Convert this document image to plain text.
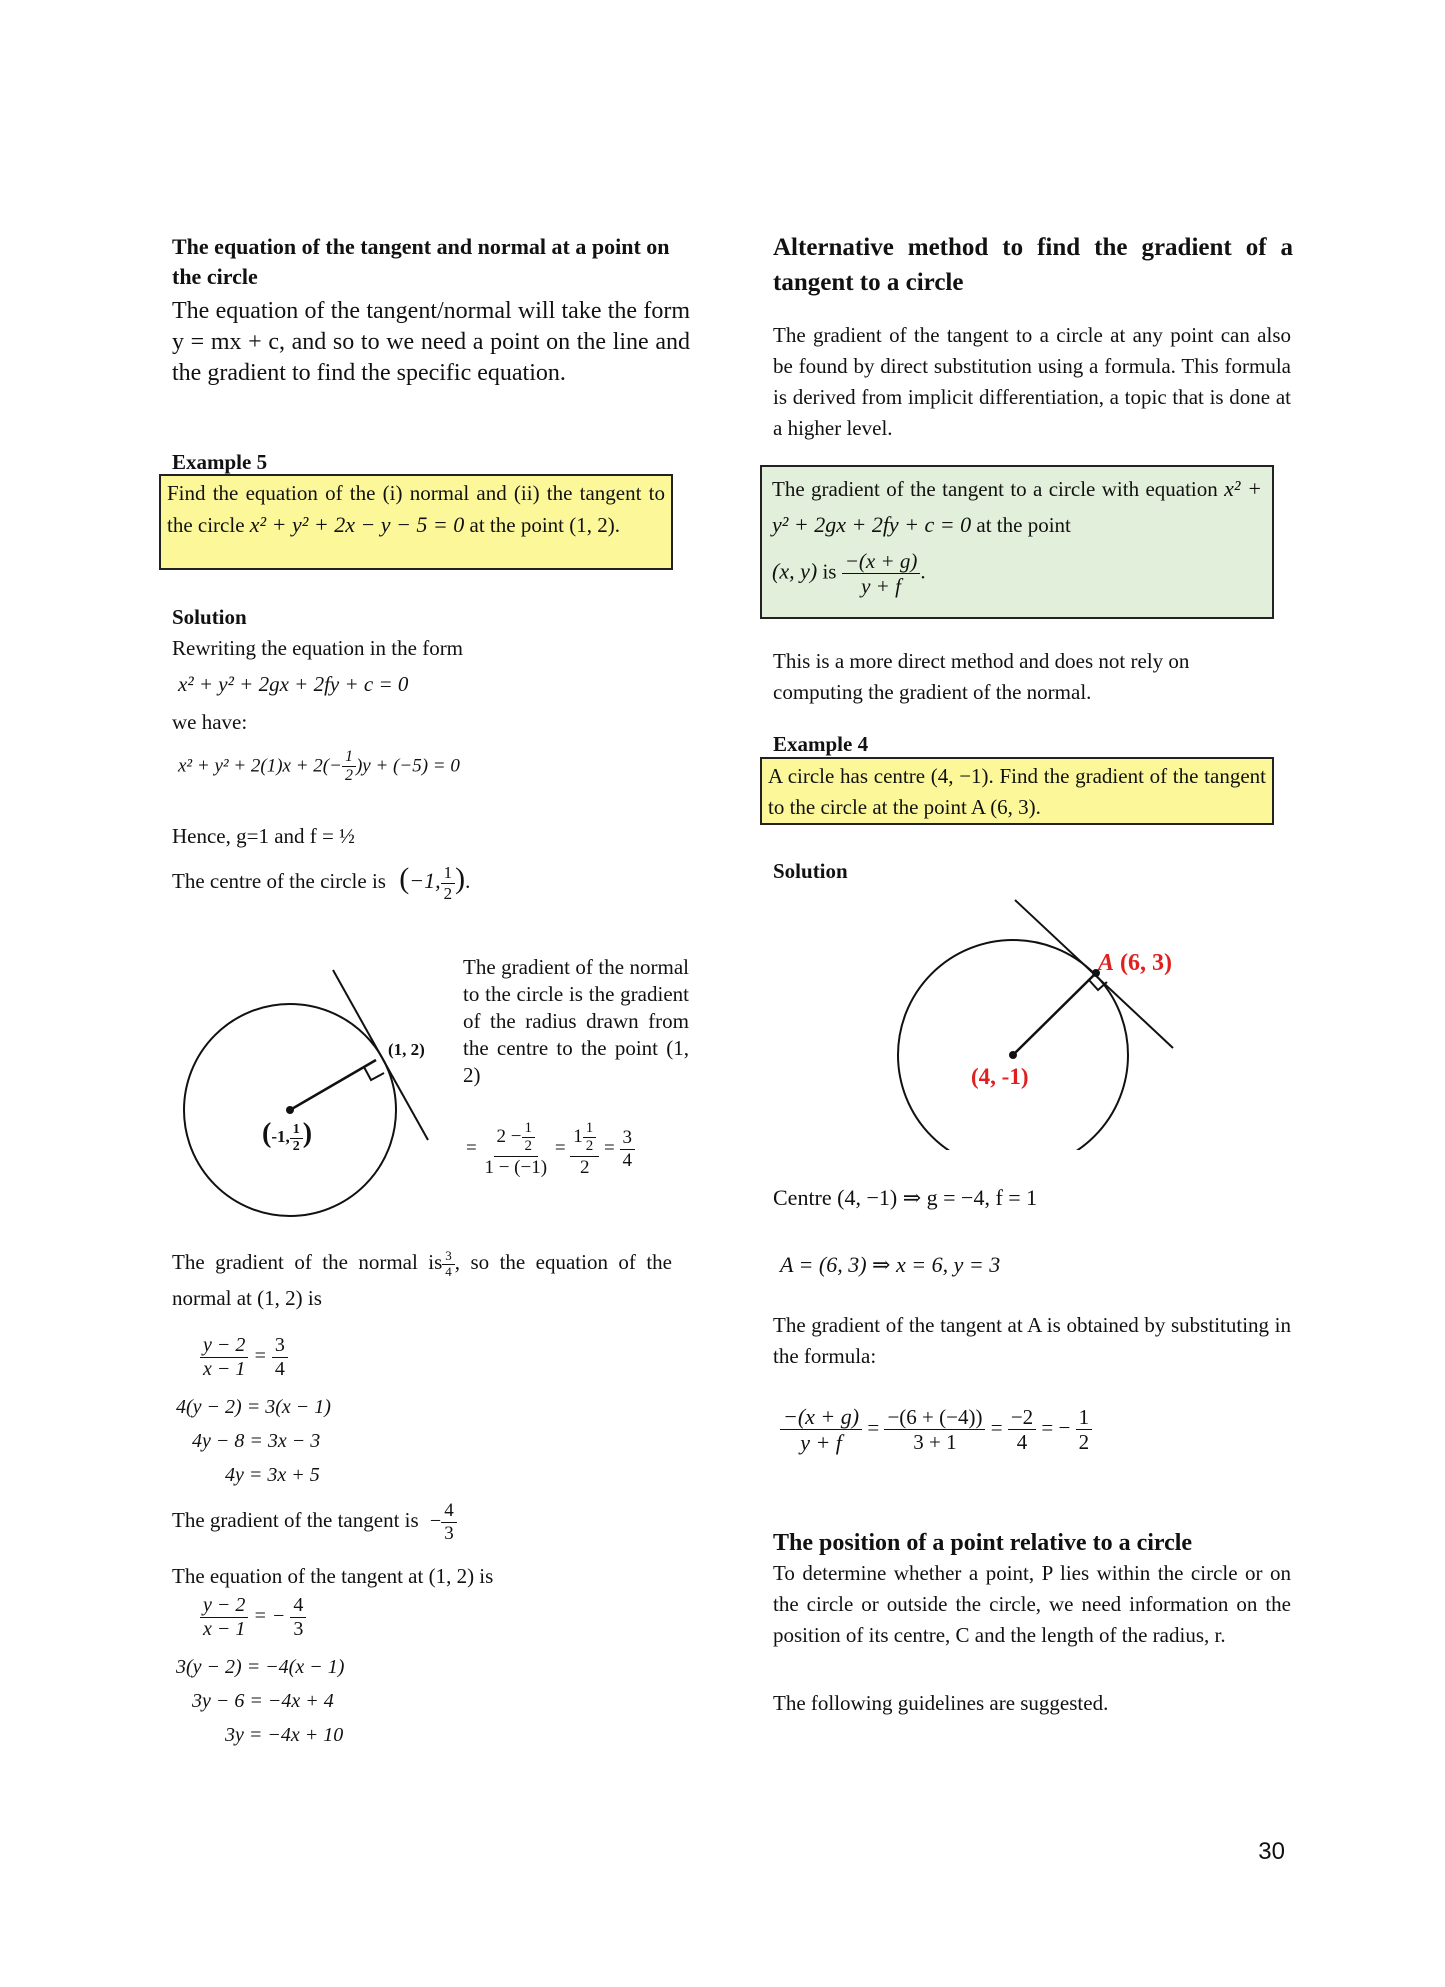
The equation of the tangent and normal at a point on the circle
The equation of the tangent/normal will take the form y = mx + c, and so to we need a point on the line and the gradient to find the specific equation.
Example 5
Find the equation of the (i) normal and (ii) the tangent to the circle x² + y² + 2x − y − 5 = 0 at the point (1, 2).
Solution
Rewriting the equation in the form
x² + y² + 2gx + 2fy + c = 0
we have:
$x^2 + y^2 + 2(1)x + 2(- \frac{1}{2} )y + (-5) = 0$
Hence, g=1 and f = ½
The centre of the circle is (−1, $\frac{1}{2}$ ).
(1, 2)
(-1, $\frac{1}{2}$ )
The gradient of the normal to the circle is the gradient of the radius drawn from the centre to the point (1, 2)
= $\frac{2 - \frac{1}{2}}{1 - (-1)} = \frac{1 \frac{1}{2}}{2} = \frac{3}{4}$
The gradient of the normal is $\frac{3}{4}$ , so the equation of the normal at (1, 2) is
$\frac{y - 2}{x - 1} = \frac{3}{4}$
4(y − 2) = 3(x − 1)
4y − 8 = 3x − 3
4y = 3x + 5
The gradient of the tangent is − $\frac{4}{3}$
The equation of the tangent at (1, 2) is
$\frac{y - 2}{x - 1}$ = − $\frac{4}{3}$
3(y − 2) = −4(x − 1)
3y − 6 = −4x + 4
3y = −4x + 10
Alternative method to find the gradient of a tangent to a circle
The gradient of the tangent to a circle at any point can also be found by direct substitution using a formula. This formula is derived from implicit differentiation, a topic that is done at a higher level.
The gradient of the tangent to a circle with equation x² + y² + 2gx + 2fy + c = 0 at the point
(x, y) is $\frac{-(x + g)}{y + f}$ .
This is a more direct method and does not rely on computing the gradient of the normal.
Example 4
A circle has centre (4, −1). Find the gradient of the tangent to the circle at the point A (6, 3).
Solution
A (6, 3)
(4, -1)
Centre (4, −1) ⇒ g = −4, f = 1
A = (6, 3) ⇒ x = 6, y = 3
The gradient of the tangent at A is obtained by substituting in the formula:
$\frac{-(x + g)}{y + f} = \frac{-(6 + (-4))}{3 + 1} = \frac{-2}{4}$ = − $\frac{1}{2}$
The position of a point relative to a circle
To determine whether a point, P lies within the circle or on the circle or outside the circle, we need information on the position of its centre, C and the length of the radius, r.
The following guidelines are suggested.
30
